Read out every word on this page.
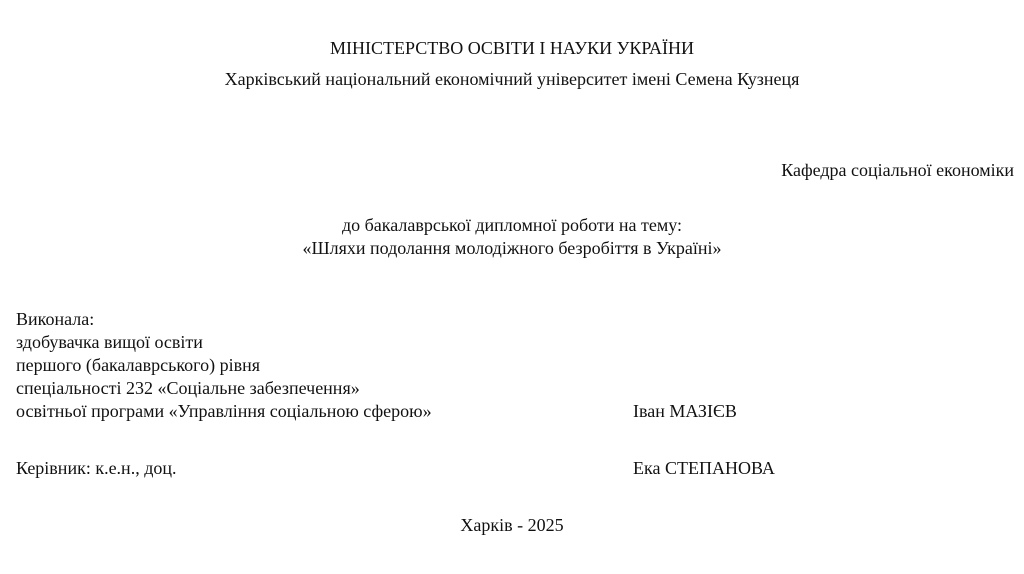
МІНІСТЕРСТВО ОСВІТИ І НАУКИ УКРАЇНИ
Харківський національний економічний університет імені Семена Кузнеця
Кафедра соціальної економіки
до бакалаврської дипломної роботи на тему:
«Шляхи подолання молодіжного безробіття в Україні»
Виконала:
здобувачка вищої освіти
першого (бакалаврського) рівня
спеціальності 232 «Соціальне забезпечення»
освітньої програми «Управління соціальною сферою»	Іван МАЗІЄВ
Керівник: к.е.н., доц.	Ека СТЕПАНОВА
Харків - 2025
